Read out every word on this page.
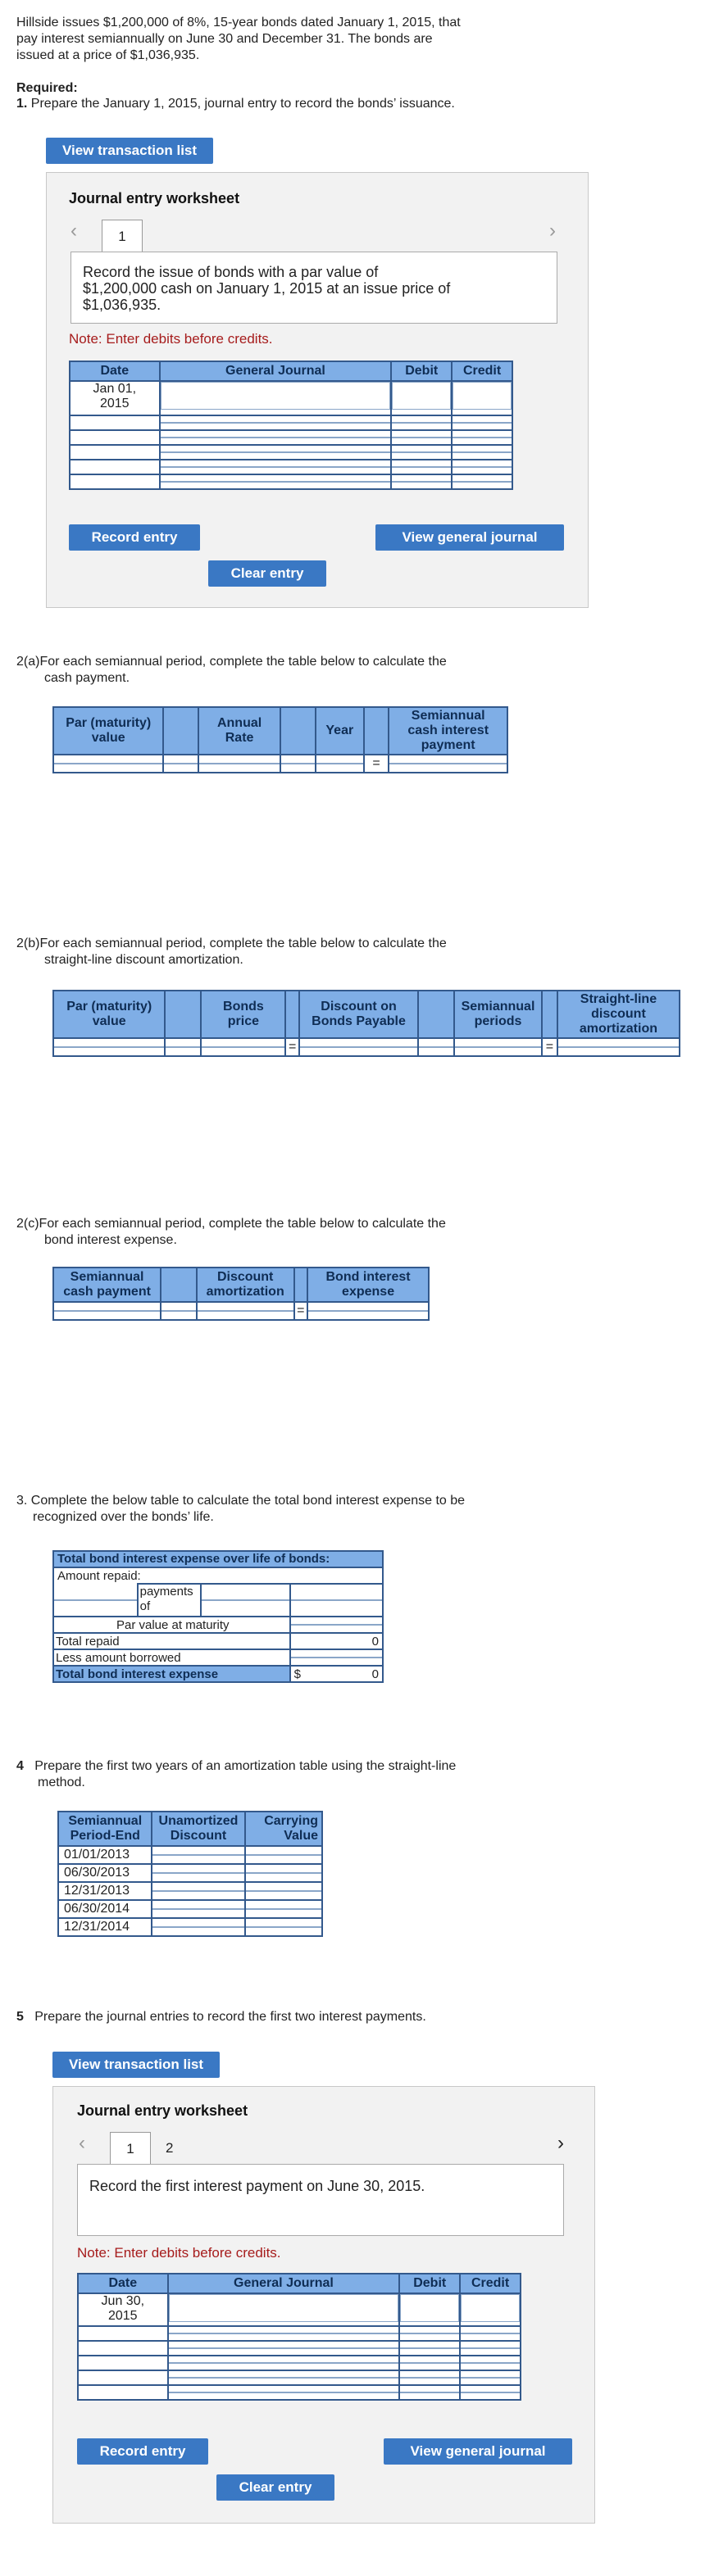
Hillside issues $1,200,000 of 8%, 15-year bonds dated January 1, 2015, that
pay interest semiannually on June 30 and December 31. The bonds are
issued at a price of $1,036,935.
Required:
1. Prepare the January 1, 2015, journal entry to record the bonds’ issuance.
View transaction list
Journal entry worksheet
‹	1	›
Record the issue of bonds with a par value of
$1,200,000 cash on January 1, 2015 at an issue price of
$1,036,935.
Note: Enter debits before credits.
Date	General Journal	Debit	Credit

Jan 01,
2015			

Record entry	View general journal
Clear entry
2(a)For each semiannual period, complete the table below to calculate the
cash payment.
Par (maturity)
value		Annual
Rate		Year		Semiannual
cash interest
payment

	=	
2(b)For each semiannual period, complete the table below to calculate the
straight-line discount amortization.
Par (maturity)
value		Bonds
price		Discount on
Bonds Payable		Semiannual
periods		Straight-line
discount
amortization

	=				=	
2(c)For each semiannual period, complete the table below to calculate the
bond interest expense.
Semiannual
cash payment		Discount
amortization		Bond interest
expense

	=	
3. Complete the below table to calculate the total bond interest expense to be
recognized over the bonds’ life.
Total bond interest expense over life of bonds:			
Amount repaid:			

	payments
of	

Par value at maturity			

Total repaid			0
Less amount borrowed			

Total bond interest expense			$ 0
4 Prepare the first two years of an amortization table using the straight-line
method.
Semiannual
Period-End	Unamortized
Discount	Carrying
Value
01/01/2013	

06/30/2013	

12/31/2013	

06/30/2014	

12/31/2014	

5 Prepare the journal entries to record the first two interest payments.
View transaction list
Journal entry worksheet
‹	1	2	›
Record the first interest payment on June 30, 2015.
Note: Enter debits before credits.
Date	General Journal	Debit	Credit

Jun 30,
2015			

Record entry	View general journal
Clear entry
